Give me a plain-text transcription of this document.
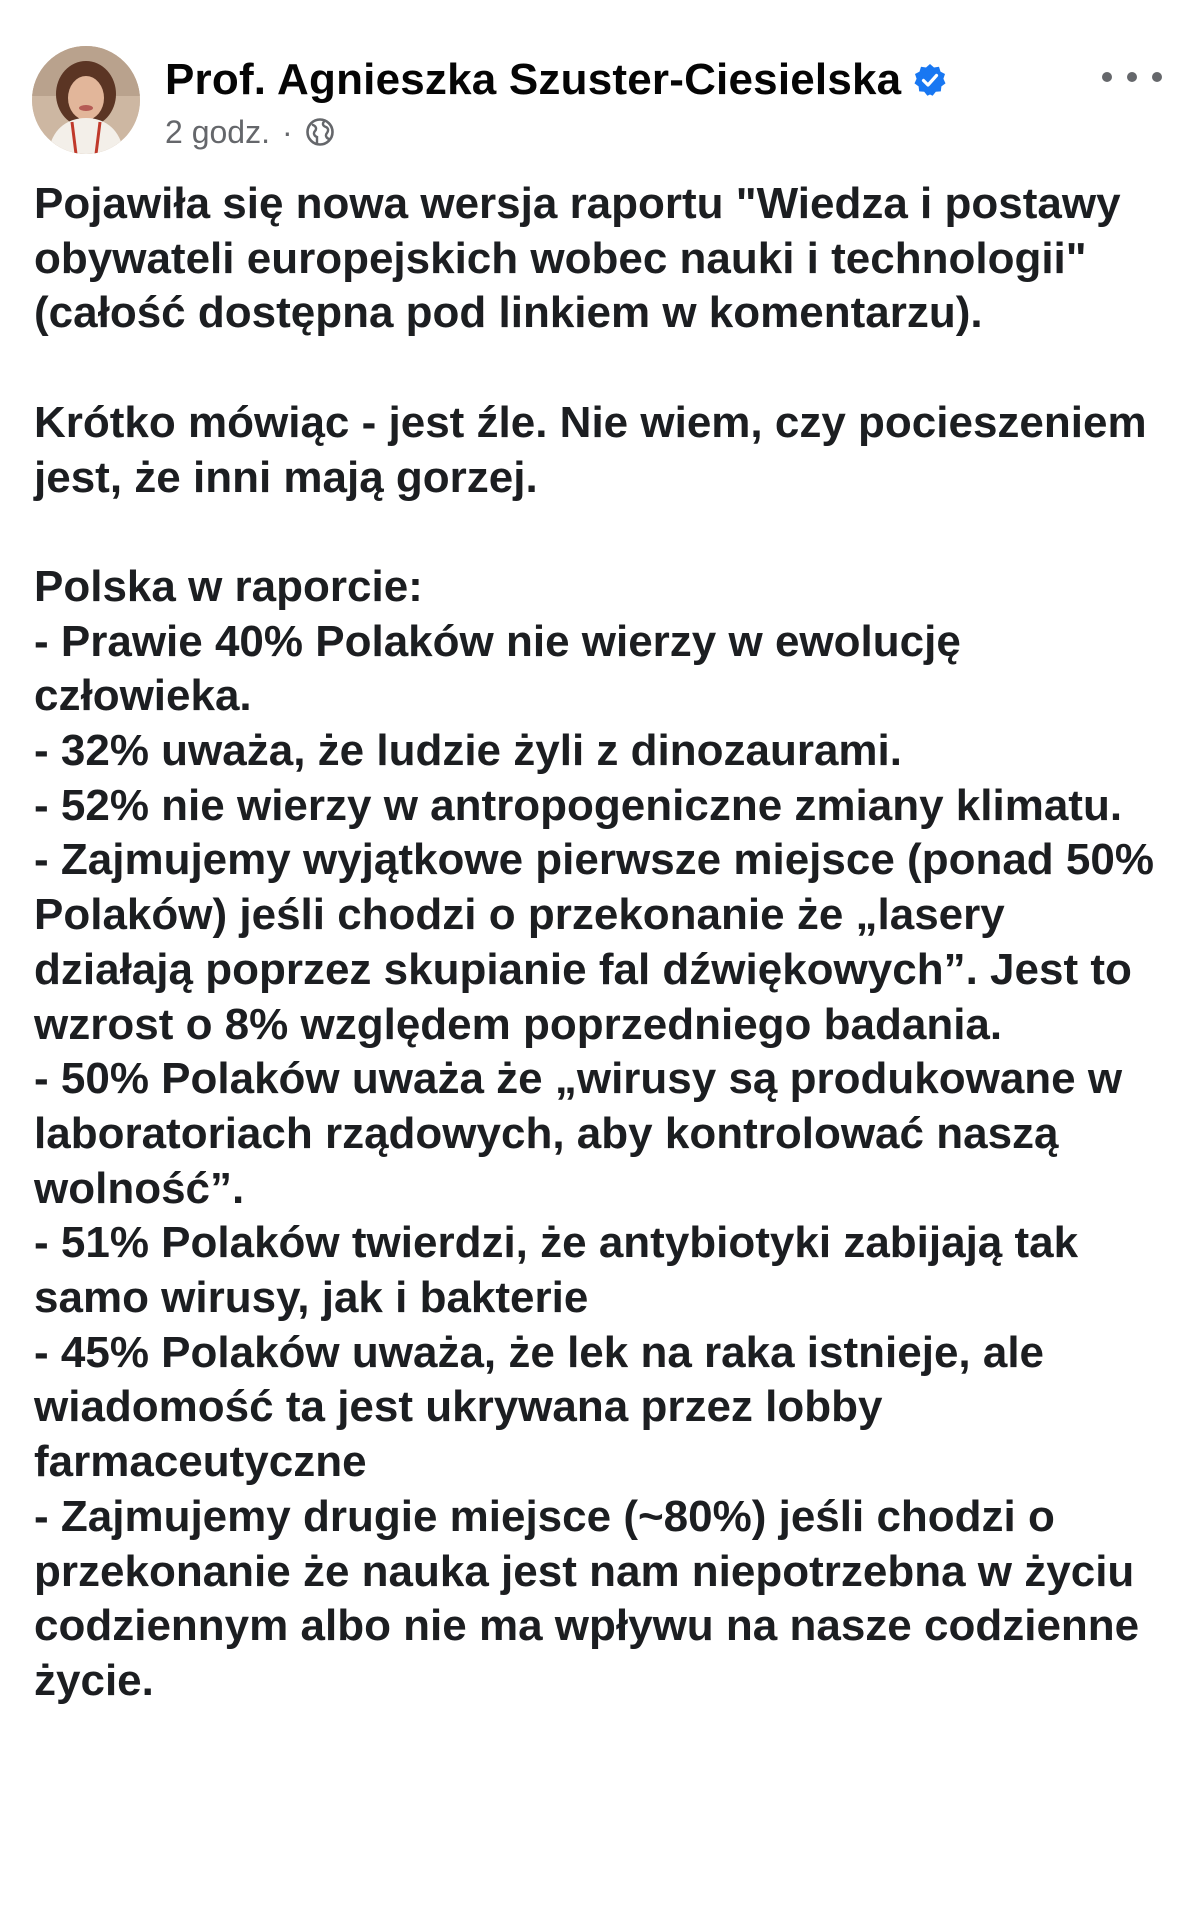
Prof. Agnieszka Szuster-Ciesielska
2 godz. ·

Pojawiła się nowa wersja raportu "Wiedza i postawy obywateli europejskich wobec nauki i technologii" (całość dostępna pod linkiem w komentarzu).

Krótko mówiąc - jest źle. Nie wiem, czy pocieszeniem jest, że inni mają gorzej.

Polska w raporcie:

- Prawie 40% Polaków nie wierzy w ewolucję człowieka.

- 32% uważa, że ludzie żyli z dinozaurami.

- 52% nie wierzy w antropogeniczne zmiany klimatu.

- Zajmujemy wyjątkowe pierwsze miejsce (ponad 50% Polaków) jeśli chodzi o przekonanie że „lasery działają poprzez skupianie fal dźwiękowych”. Jest to wzrost o 8% względem poprzedniego badania.

- 50% Polaków uważa że „wirusy są produkowane w laboratoriach rządowych, aby kontrolować naszą wolność”.

- 51% Polaków twierdzi, że antybiotyki zabijają tak samo wirusy, jak i bakterie

- 45% Polaków uważa, że lek na raka istnieje, ale wiadomość ta jest ukrywana przez lobby farmaceutyczne

- Zajmujemy drugie miejsce (~80%) jeśli chodzi o przekonanie że nauka jest nam niepotrzebna w życiu codziennym albo nie ma wpływu na nasze codzienne życie.
